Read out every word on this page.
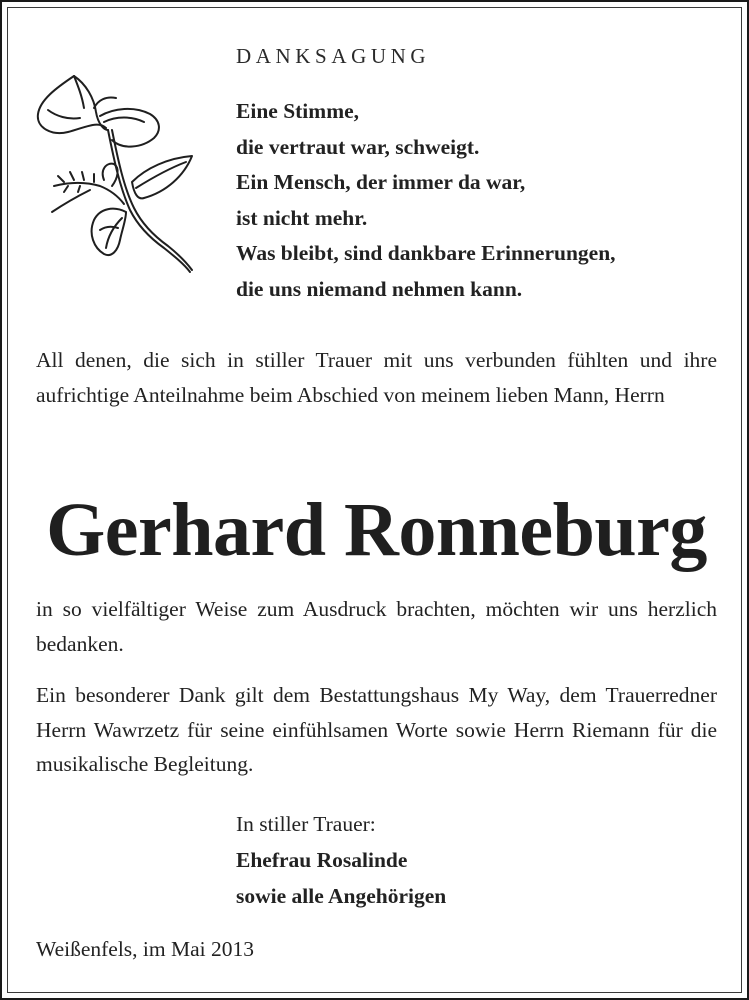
DANKSAGUNG
Eine Stimme,
die vertraut war, schweigt.
Ein Mensch, der immer da war,
ist nicht mehr.
Was bleibt, sind dankbare Erinnerungen,
die uns niemand nehmen kann.
All denen, die sich in stiller Trauer mit uns verbunden fühlten und ihre aufrichtige Anteilnahme beim Abschied von meinem lieben Mann, Herrn
Gerhard Ronneburg
in so vielfältiger Weise zum Ausdruck brachten, möchten wir uns herzlich bedanken.
Ein besonderer Dank gilt dem Bestattungshaus My Way, dem Trauerredner Herrn Wawrzetz für seine einfühlsamen Worte sowie Herrn Riemann für die musikalische Begleitung.
In stiller Trauer:
Ehefrau Rosalinde
sowie alle Angehörigen
Weißenfels, im Mai 2013
